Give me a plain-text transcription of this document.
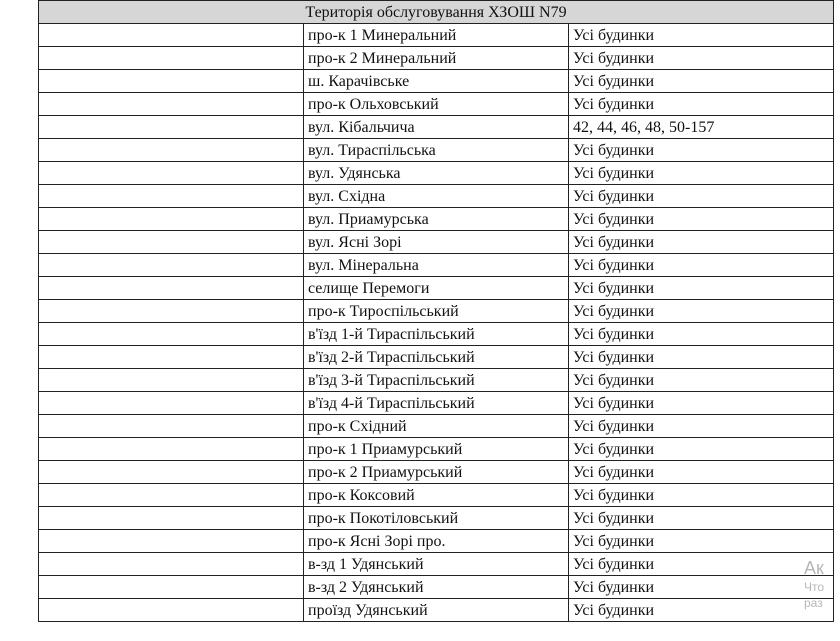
Територія обслуговування ХЗОШ N79		
	про-к 1 Минеральний	Усі будинки
	про-к 2 Минеральний	Усі будинки
	ш. Карачівське	Усі будинки
	про-к Ольховський	Усі будинки
	вул. Кібальчича	42, 44, 46, 48, 50-157
	вул. Тираспільська	Усі будинки
	вул. Удянська	Усі будинки
	вул. Східна	Усі будинки
	вул. Приамурська	Усі будинки
	вул. Ясні Зорі	Усі будинки
	вул. Мінеральна	Усі будинки
	селище Перемоги	Усі будинки
	про-к Тироспільський	Усі будинки
	в'їзд 1-й Тираспільський	Усі будинки
	в'їзд 2-й Тираспільський	Усі будинки
	в'їзд 3-й Тираспільський	Усі будинки
	в'їзд 4-й Тираспільський	Усі будинки
	про-к Східний	Усі будинки
	про-к 1 Приамурський	Усі будинки
	про-к 2 Приамурський	Усі будинки
	про-к Коксовий	Усі будинки
	про-к Покотіловський	Усі будинки
	про-к Ясні Зорі про.	Усі будинки
	в-зд 1 Удянський	Усі будинки
	в-зд 2 Удянський	Усі будинки
	проїзд Удянський	Усі будинки
Ак
Что
раз
